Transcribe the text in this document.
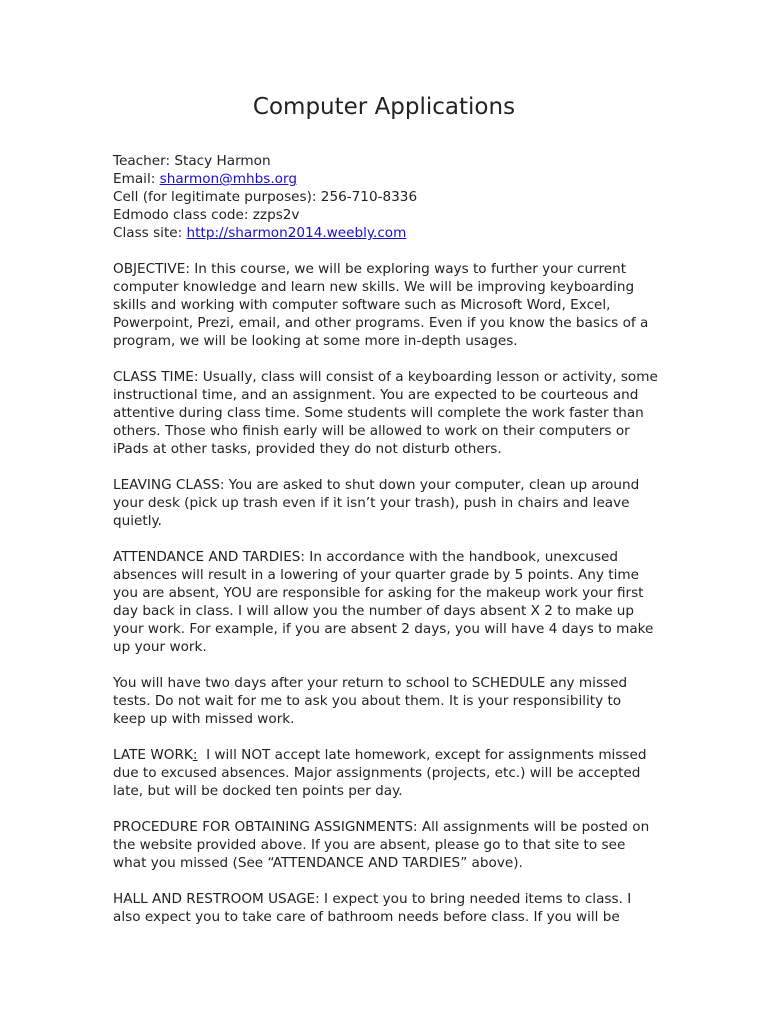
Computer Applications

Teacher: Stacy Harmon

Email: sharmon@mhbs.org

Cell (for legitimate purposes): 256-710-8336

Edmodo class code: zzps2v

Class site: http://sharmon2014.weebly.com

OBJECTIVE: In this course, we will be exploring ways to further your current
computer knowledge and learn new skills. We will be improving keyboarding
skills and working with computer software such as Microsoft Word, Excel,
Powerpoint, Prezi, email, and other programs. Even if you know the basics of a
program, we will be looking at some more in-depth usages.
CLASS TIME: Usually, class will consist of a keyboarding lesson or activity, some
instructional time, and an assignment. You are expected to be courteous and
attentive during class time. Some students will complete the work faster than
others. Those who finish early will be allowed to work on their computers or
iPads at other tasks, provided they do not disturb others.
LEAVING CLASS: You are asked to shut down your computer, clean up around
your desk (pick up trash even if it isn’t your trash), push in chairs and leave
quietly.
ATTENDANCE AND TARDIES: In accordance with the handbook, unexcused
absences will result in a lowering of your quarter grade by 5 points. Any time
you are absent, YOU are responsible for asking for the makeup work your first
day back in class. I will allow you the number of days absent X 2 to make up
your work. For example, if you are absent 2 days, you will have 4 days to make
up your work.
You will have two days after your return to school to SCHEDULE any missed
tests. Do not wait for me to ask you about them. It is your responsibility to
keep up with missed work.
LATE WORK:  I will NOT accept late homework, except for assignments missed
due to excused absences. Major assignments (projects, etc.) will be accepted
late, but will be docked ten points per day.
PROCEDURE FOR OBTAINING ASSIGNMENTS: All assignments will be posted on
the website provided above. If you are absent, please go to that site to see
what you missed (See “ATTENDANCE AND TARDIES” above).
HALL AND RESTROOM USAGE: I expect you to bring needed items to class. I
also expect you to take care of bathroom needs before class. If you will be
